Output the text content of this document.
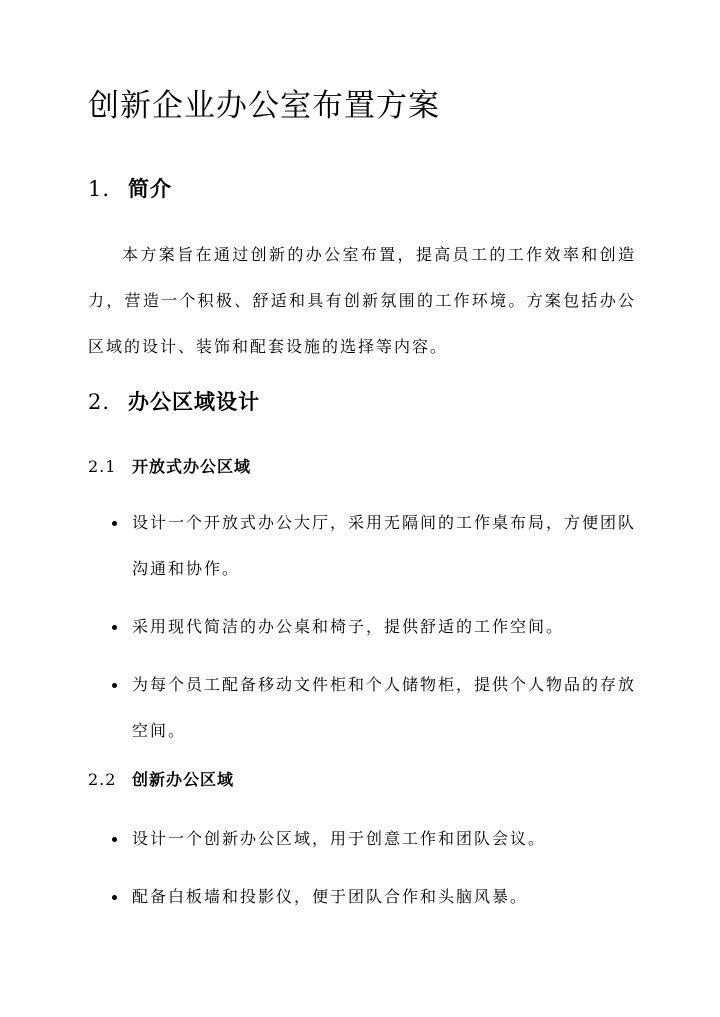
创新企业办公室布置方案
1. 简介

本方案旨在通过创新的办公室布置，提高员工的工作效率和创造力，营造一个积极、舒适和具有创新氛围的工作环境。方案包括办公区域的设计、装饰和配套设施的选择等内容。

2. 办公区域设计
2.1 开放式办公区域
设计一个开放式办公大厅，采用无隔间的工作桌布局，方便团队沟通和协作。
采用现代简洁的办公桌和椅子，提供舒适的工作空间。
为每个员工配备移动文件柜和个人储物柜，提供个人物品的存放空间。
2.2 创新办公区域
设计一个创新办公区域，用于创意工作和团队会议。
配备白板墙和投影仪，便于团队合作和头脑风暴。
